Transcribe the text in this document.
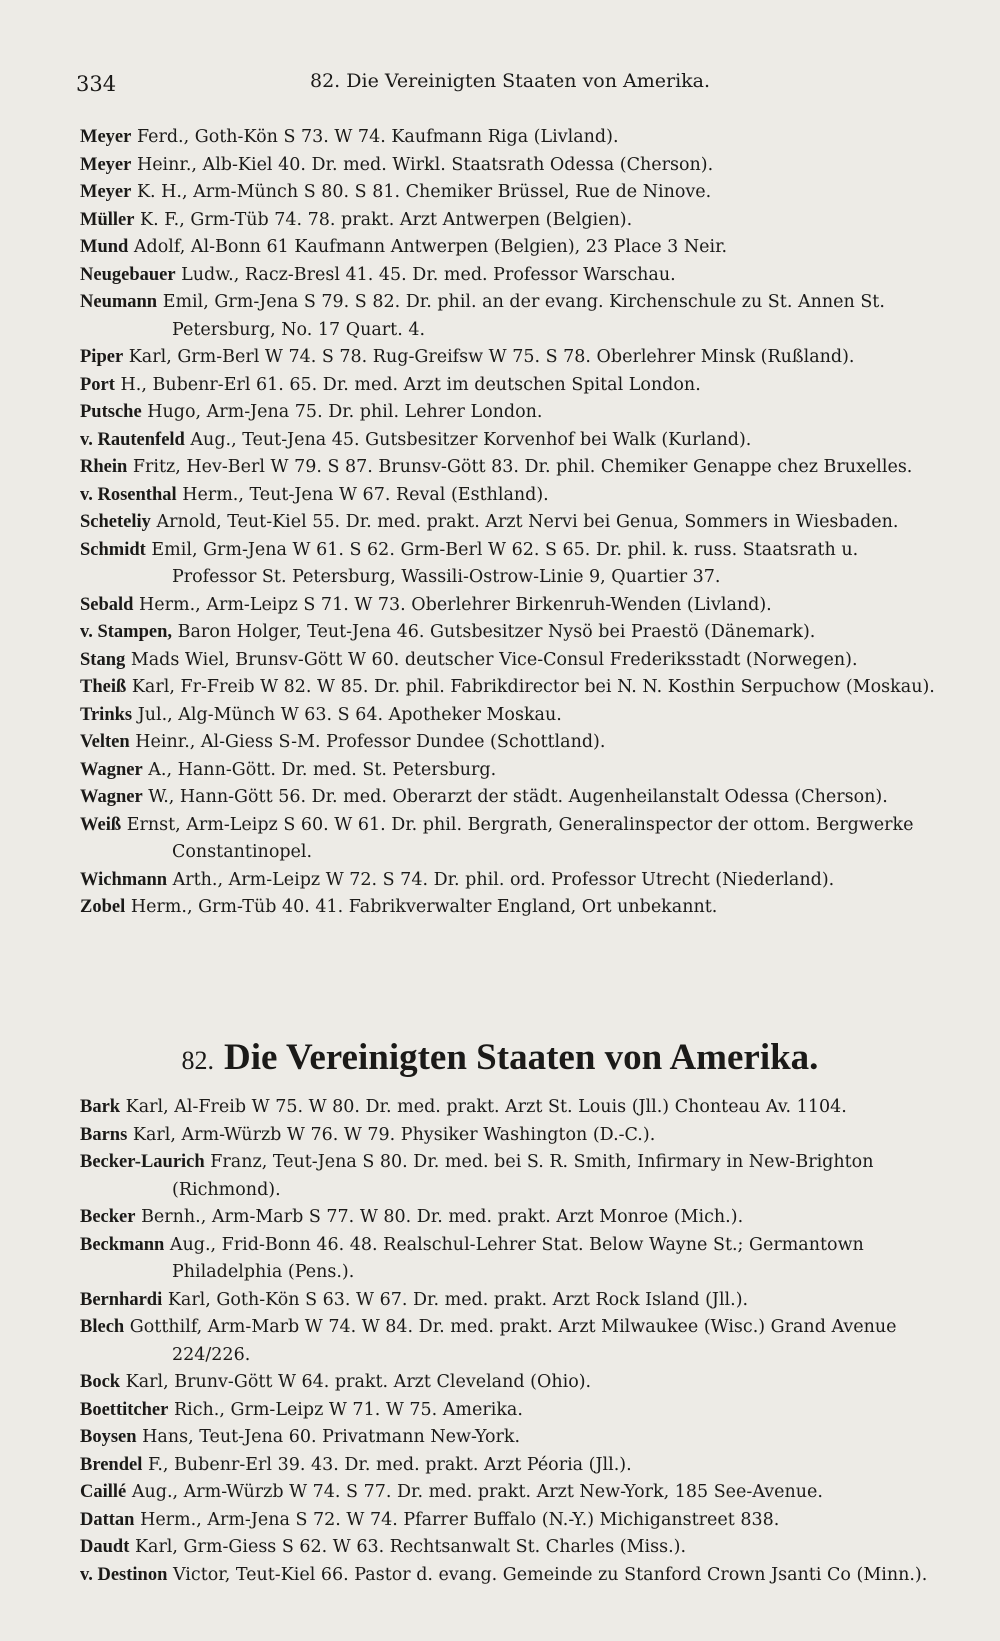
334	82. Die Vereinigten Staaten von Amerika.
Meyer Ferd., Goth-Kön S 73. W 74. Kaufmann Riga (Livland).
Meyer Heinr., Alb-Kiel 40. Dr. med. Wirkl. Staatsrath Odessa (Cherson).
Meyer K. H., Arm-Münch S 80. S 81. Chemiker Brüssel, Rue de Ninove.
Müller K. F., Grm-Tüb 74. 78. prakt. Arzt Antwerpen (Belgien).
Mund Adolf, Al-Bonn 61 Kaufmann Antwerpen (Belgien), 23 Place 3 Neir.
Neugebauer Ludw., Racz-Bresl 41. 45. Dr. med. Professor Warschau.
Neumann Emil, Grm-Jena S 79. S 82. Dr. phil. an der evang. Kirchenschule zu St. Annen St. Petersburg, No. 17 Quart. 4.
Piper Karl, Grm-Berl W 74. S 78. Rug-Greifsw W 75. S 78. Oberlehrer Minsk (Rußland).
Port H., Bubenr-Erl 61. 65. Dr. med. Arzt im deutschen Spital London.
Putsche Hugo, Arm-Jena 75. Dr. phil. Lehrer London.
v. Rautenfeld Aug., Teut-Jena 45. Gutsbesitzer Korvenhof bei Walk (Kurland).
Rhein Fritz, Hev-Berl W 79. S 87. Brunsv-Gött 83. Dr. phil. Chemiker Genappe chez Bruxelles.
v. Rosenthal Herm., Teut-Jena W 67. Reval (Esthland).
Scheteliy Arnold, Teut-Kiel 55. Dr. med. prakt. Arzt Nervi bei Genua, Sommers in Wiesbaden.
Schmidt Emil, Grm-Jena W 61. S 62. Grm-Berl W 62. S 65. Dr. phil. k. russ. Staatsrath u. Professor St. Petersburg, Wassili-Ostrow-Linie 9, Quartier 37.
Sebald Herm., Arm-Leipz S 71. W 73. Oberlehrer Birkenruh-Wenden (Livland).
v. Stampen, Baron Holger, Teut-Jena 46. Gutsbesitzer Nysö bei Praestö (Dänemark).
Stang Mads Wiel, Brunsv-Gött W 60. deutscher Vice-Consul Frederiksstadt (Norwegen).
Theiß Karl, Fr-Freib W 82. W 85. Dr. phil. Fabrikdirector bei N. N. Kosthin Serpuchow (Moskau).
Trinks Jul., Alg-Münch W 63. S 64. Apotheker Moskau.
Velten Heinr., Al-Giess S-M. Professor Dundee (Schottland).
Wagner A., Hann-Gött. Dr. med. St. Petersburg.
Wagner W., Hann-Gött 56. Dr. med. Oberarzt der städt. Augenheilanstalt Odessa (Cherson).
Weiß Ernst, Arm-Leipz S 60. W 61. Dr. phil. Bergrath, Generalinspector der ottom. Bergwerke Constantinopel.
Wichmann Arth., Arm-Leipz W 72. S 74. Dr. phil. ord. Professor Utrecht (Niederland).
Zobel Herm., Grm-Tüb 40. 41. Fabrikverwalter England, Ort unbekannt.
82. Die Vereinigten Staaten von Amerika.
Bark Karl, Al-Freib W 75. W 80. Dr. med. prakt. Arzt St. Louis (Jll.) Chonteau Av. 1104.
Barns Karl, Arm-Würzb W 76. W 79. Physiker Washington (D.-C.).
Becker-Laurich Franz, Teut-Jena S 80. Dr. med. bei S. R. Smith, Infirmary in New-Brighton (Richmond).
Becker Bernh., Arm-Marb S 77. W 80. Dr. med. prakt. Arzt Monroe (Mich.).
Beckmann Aug., Frid-Bonn 46. 48. Realschul-Lehrer Stat. Below Wayne St.; Germantown Philadelphia (Pens.).
Bernhardi Karl, Goth-Kön S 63. W 67. Dr. med. prakt. Arzt Rock Island (Jll.).
Blech Gotthilf, Arm-Marb W 74. W 84. Dr. med. prakt. Arzt Milwaukee (Wisc.) Grand Avenue 224/226.
Bock Karl, Brunv-Gött W 64. prakt. Arzt Cleveland (Ohio).
Boettitcher Rich., Grm-Leipz W 71. W 75. Amerika.
Boysen Hans, Teut-Jena 60. Privatmann New-York.
Brendel F., Bubenr-Erl 39. 43. Dr. med. prakt. Arzt Péoria (Jll.).
Caillé Aug., Arm-Würzb W 74. S 77. Dr. med. prakt. Arzt New-York, 185 See-Avenue.
Dattan Herm., Arm-Jena S 72. W 74. Pfarrer Buffalo (N.-Y.) Michiganstreet 838.
Daudt Karl, Grm-Giess S 62. W 63. Rechtsanwalt St. Charles (Miss.).
v. Destinon Victor, Teut-Kiel 66. Pastor d. evang. Gemeinde zu Stanford Crown Jsanti Co (Minn.).
